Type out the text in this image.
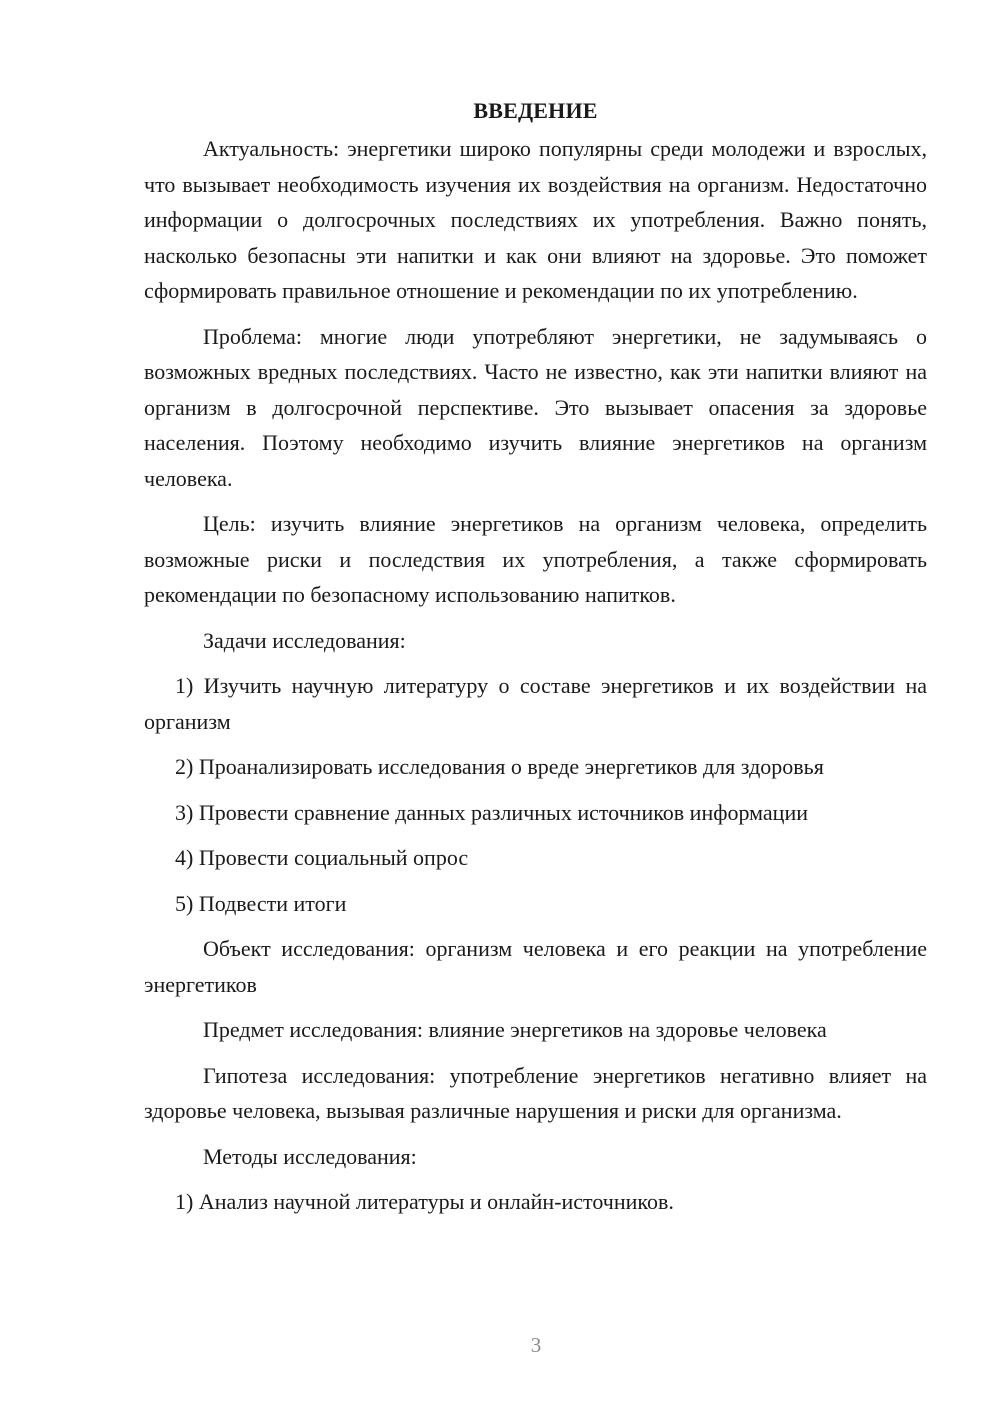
ВВЕДЕНИЕ

Актуальность: энергетики широко популярны среди молодежи и взрослых, что вызывает необходимость изучения их воздействия на организм. Недостаточно информации о долгосрочных последствиях их употребления. Важно понять, насколько безопасны эти напитки и как они влияют на здоровье. Это поможет сформировать правильное отношение и рекомендации по их употреблению.

Проблема: многие люди употребляют энергетики, не задумываясь о возможных вредных последствиях. Часто не известно, как эти напитки влияют на организм в долгосрочной перспективе. Это вызывает опасения за здоровье населения. Поэтому необходимо изучить влияние энергетиков на организм человека.

Цель: изучить влияние энергетиков на организм человека, определить возможные риски и последствия их употребления, а также сформировать рекомендации по безопасному использованию напитков.

Задачи исследования:

1) Изучить научную литературу о составе энергетиков и их воздействии на организм

2) Проанализировать исследования о вреде энергетиков для здоровья

3) Провести сравнение данных различных источников информации

4) Провести социальный опрос

5) Подвести итоги

Объект исследования: организм человека и его реакции на употребление энергетиков

Предмет исследования: влияние энергетиков на здоровье человека

Гипотеза исследования: употребление энергетиков негативно влияет на здоровье человека, вызывая различные нарушения и риски для организма.

Методы исследования:

1) Анализ научной литературы и онлайн-источников.

3
